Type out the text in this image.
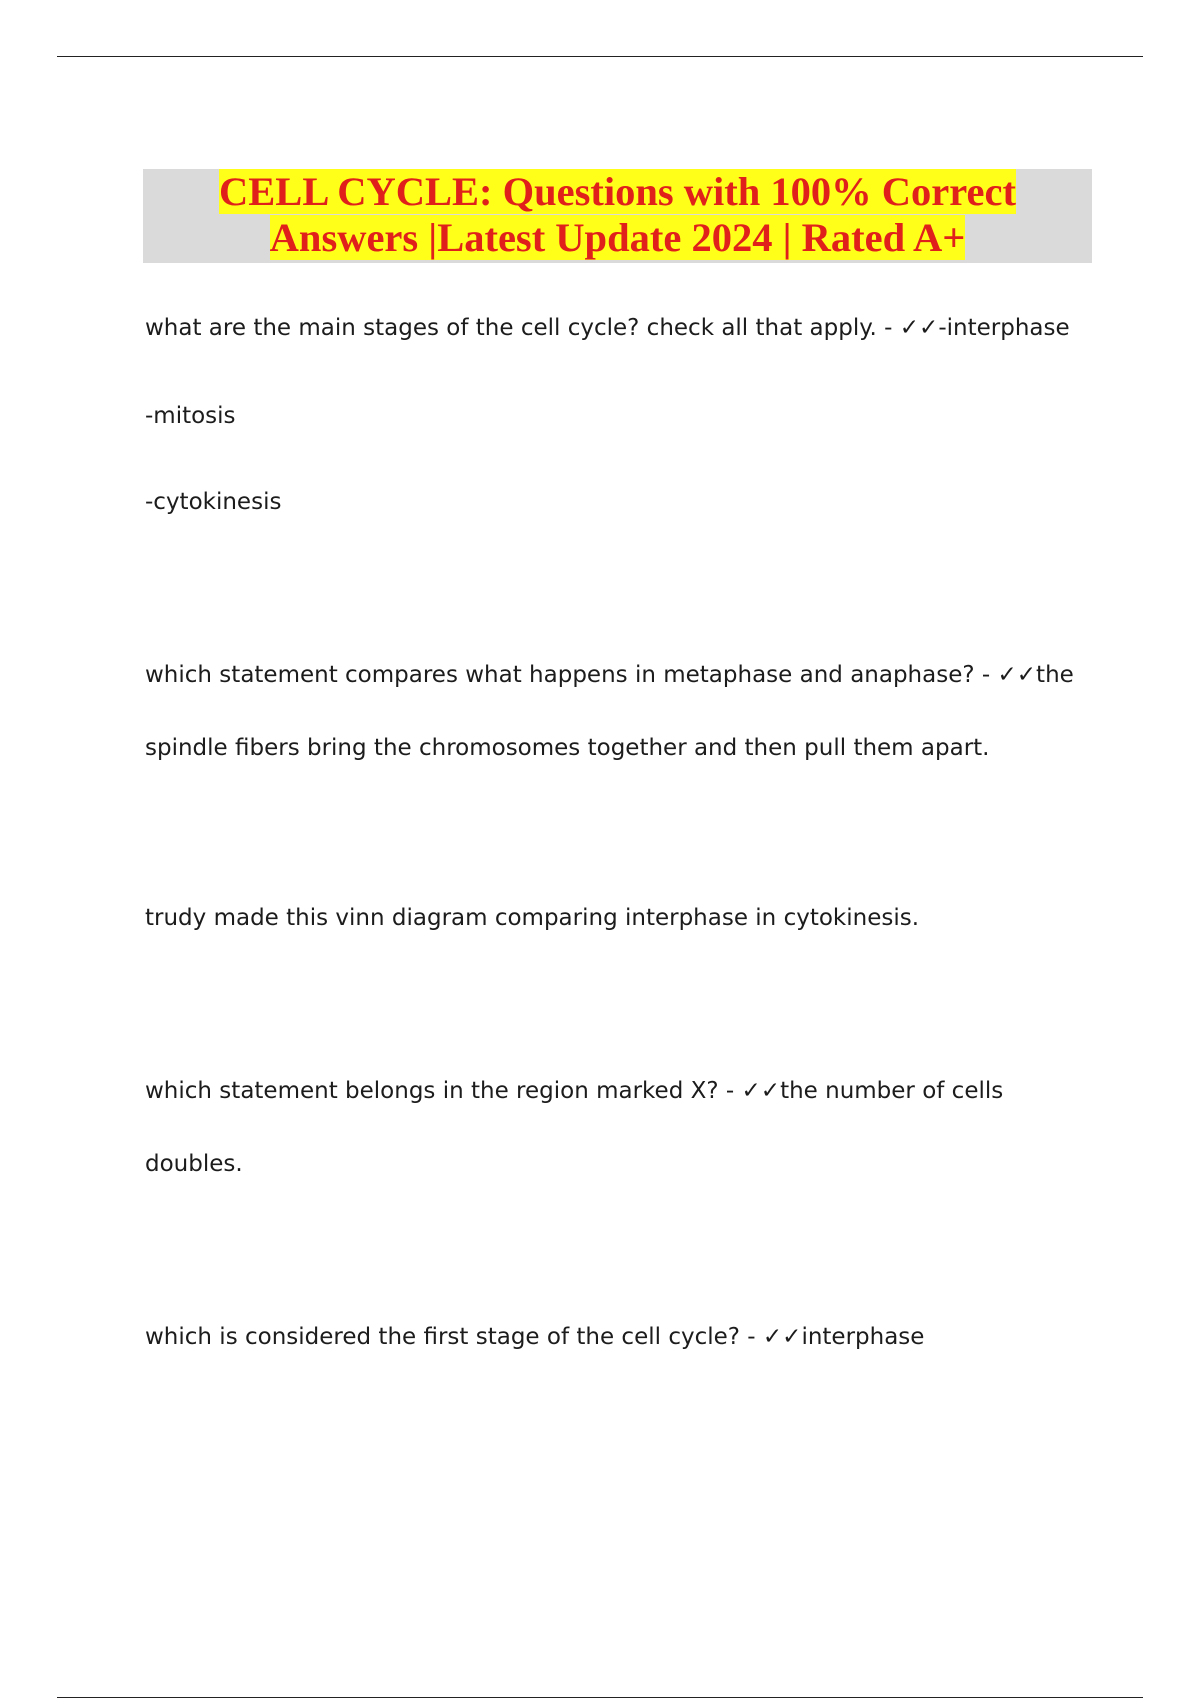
CELL CYCLE: Questions with 100% Correct
Answers |Latest Update 2024 | Rated A+

what are the main stages of the cell cycle? check all that apply. - ✓✓-interphase

-mitosis

-cytokinesis

which statement compares what happens in metaphase and anaphase? - ✓✓the

spindle fibers bring the chromosomes together and then pull them apart.

trudy made this vinn diagram comparing interphase in cytokinesis.

which statement belongs in the region marked X? - ✓✓the number of cells

doubles.

which is considered the first stage of the cell cycle? - ✓✓interphase
